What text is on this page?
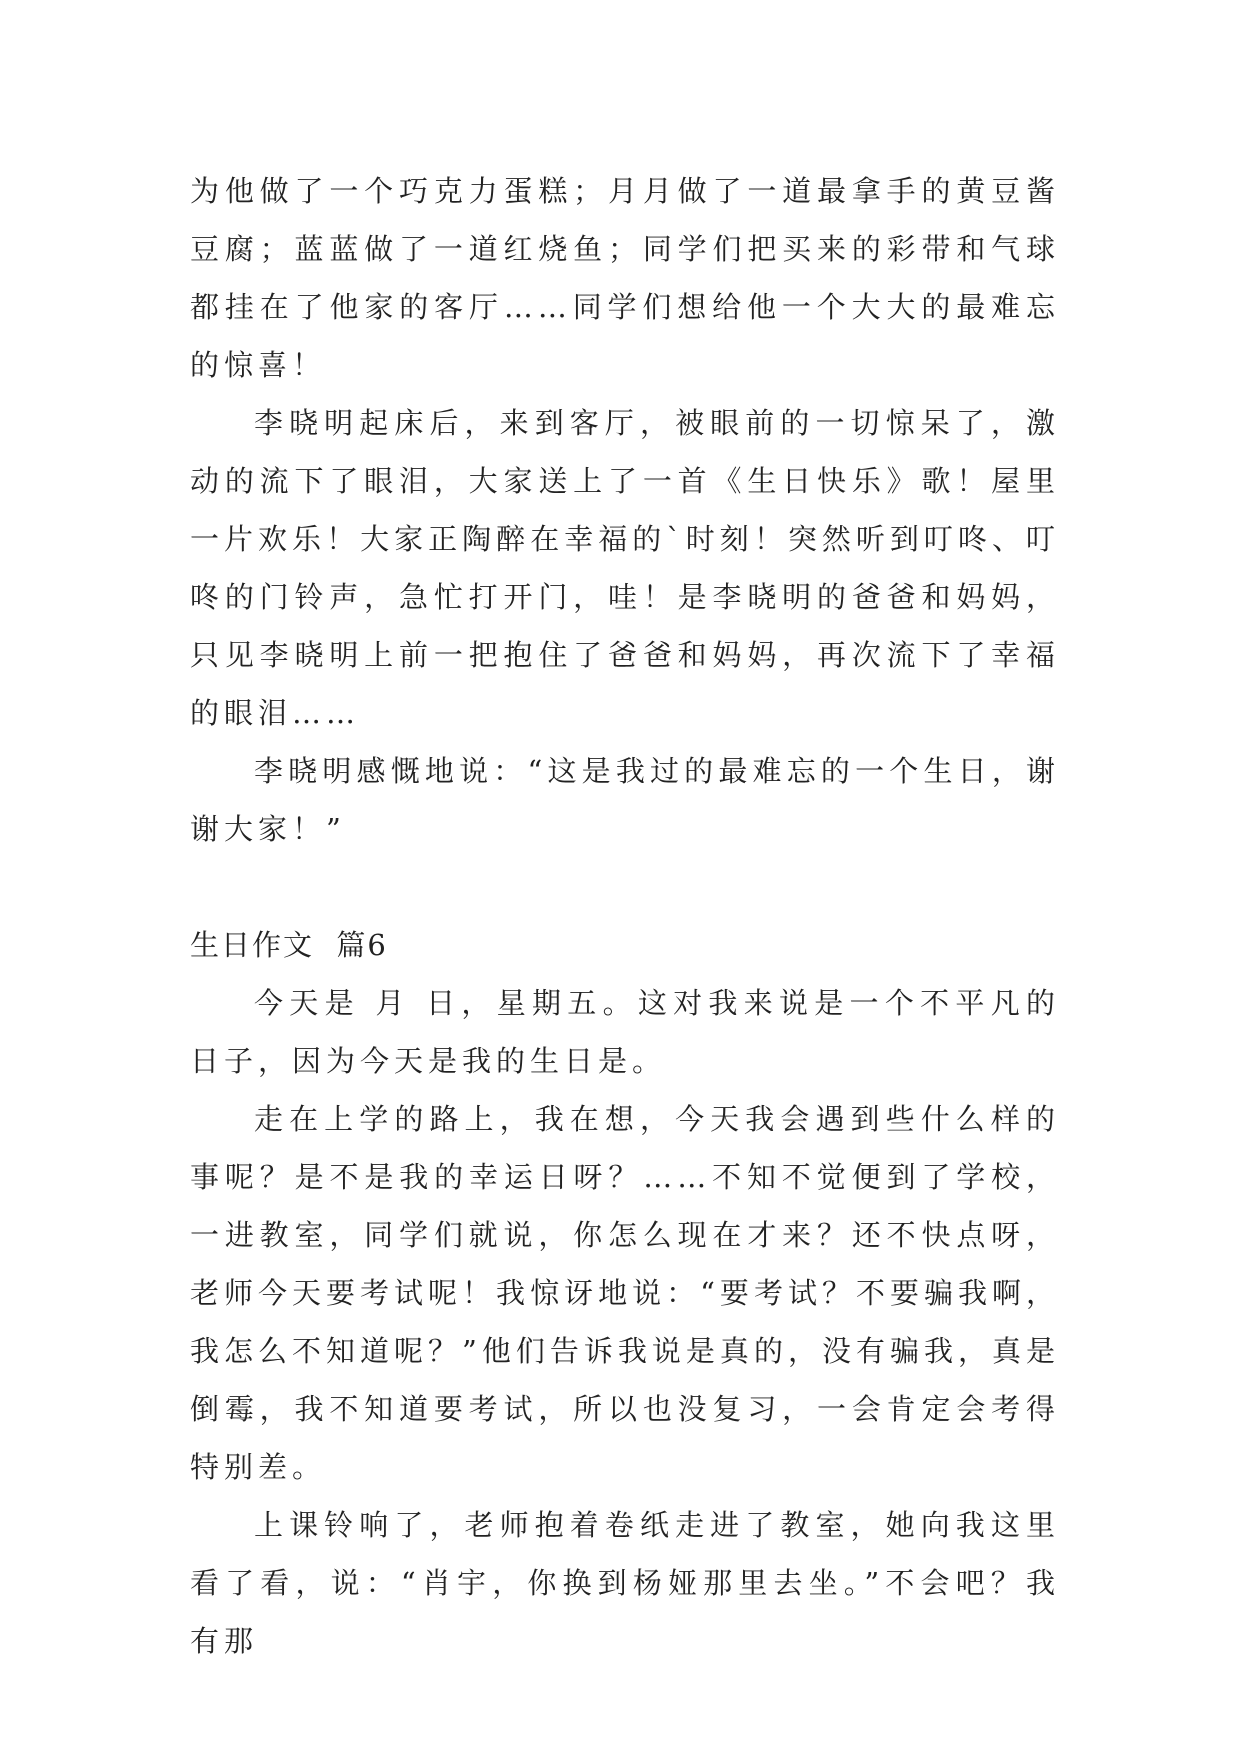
为他做了一个巧克力蛋糕；月月做了一道最拿手的黄豆酱豆腐；蓝蓝做了一道红烧鱼；同学们把买来的彩带和气球都挂在了他家的客厅……同学们想给他一个大大的最难忘的惊喜！

李晓明起床后，来到客厅，被眼前的一切惊呆了，激动的流下了眼泪，大家送上了一首《生日快乐》歌！屋里一片欢乐！大家正陶醉在幸福的`时刻！突然听到叮咚、叮咚的门铃声，急忙打开门，哇！是李晓明的爸爸和妈妈，只见李晓明上前一把抱住了爸爸和妈妈，再次流下了幸福的眼泪……

李晓明感慨地说：“这是我过的最难忘的一个生日，谢谢大家！”

生日作文  篇6

今天是 月 日，星期五。这对我来说是一个不平凡的日子，因为今天是我的生日是。

走在上学的路上，我在想，今天我会遇到些什么样的事呢？是不是我的幸运日呀？……不知不觉便到了学校，一进教室，同学们就说，你怎么现在才来？还不快点呀，老师今天要考试呢！我惊讶地说：“要考试？不要骗我啊，我怎么不知道呢？”他们告诉我说是真的，没有骗我，真是倒霉，我不知道要考试，所以也没复习，一会肯定会考得特别差。

上课铃响了，老师抱着卷纸走进了教室，她向我这里看了看，说：“肖宇，你换到杨娅那里去坐。”不会吧？我有那
